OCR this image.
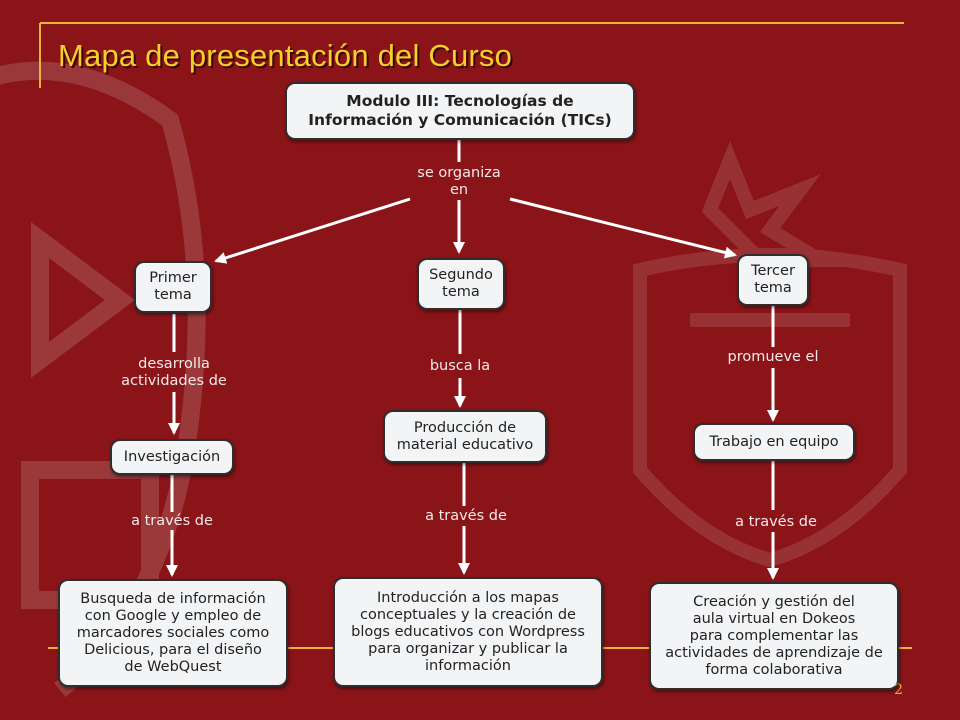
Mapa de presentación del Curso
Modulo III: Tecnologías de
Información y Comunicación (TICs)
se organiza
en
Primer
tema
desarrolla
actividades de
Investigación
a través de
Busqueda de información
con Google y empleo de
marcadores sociales como
Delicious, para el diseño
de WebQuest
Segundo
tema
busca la
Producción de
material educativo
a través de
Introducción a los mapas
conceptuales y la creación de
blogs educativos con Wordpress
para organizar y publicar la
información
Tercer
tema
promueve el
Trabajo en equipo
a través de
Creación y gestión del
aula virtual en Dokeos
para complementar las
actividades de aprendizaje de
forma colaborativa
2
